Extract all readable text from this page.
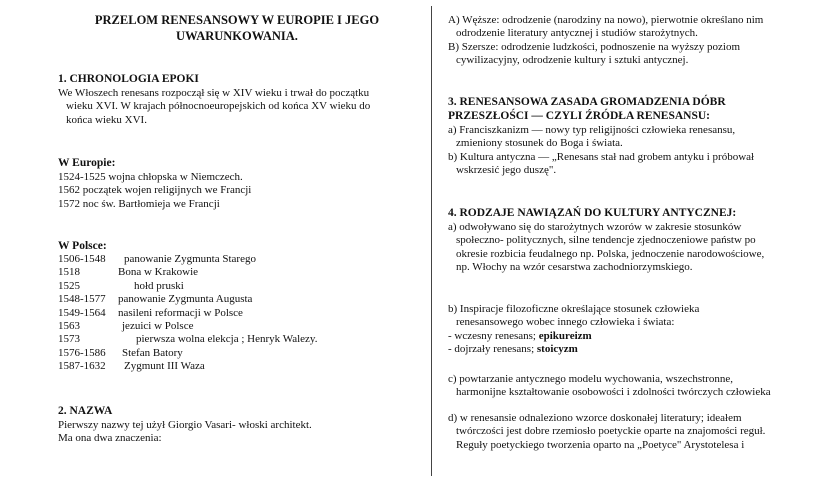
PRZELOM RENESANSOWY W EUROPIE I JEGO UWARUNKOWANIA.
1. CHRONOLOGIA EPOKI

We Włoszech renesans rozpoczął się w XIV wieku i trwał do początku

wieku XVI. W krajach północnoeuropejskich od końca XV wieku do

końca wieku XVI.

W Europie:

1524-1525 wojna chłopska w Niemczech.

1562 początek wojen religijnych we Francji

1572 noc św. Bartłomieja we Francji

W Polsce:
1506-1548	panowanie Zygmunta Starego
1518	Bona w Krakowie
1525	hołd pruski
1548-1577	panowanie Zygmunta Augusta
1549-1564	nasileni reformacji w Polsce
1563	jezuici w Polsce
1573	pierwsza wolna elekcja ; Henryk Walezy.
1576-1586	Stefan Batory
1587-1632	Zygmunt III Waza
2. NAZWA

Pierwszy nazwy tej użył Giorgio Vasari- włoski architekt.

Ma ona dwa znaczenia:

A) Węższe: odrodzenie (narodziny na nowo), pierwotnie określano nim

odrodzenie literatury antycznej i studiów starożytnych.

B) Szersze: odrodzenie ludzkości, podnoszenie na wyższy poziom

cywilizacyjny, odrodzenie kultury i sztuki antycznej.

3. RENESANSOWA ZASADA GROMADZENIA DÓBR
PRZESZŁOŚCI — CZYLI ŹRÓDŁA RENESANSU:

a) Franciszkanizm — nowy typ religijności człowieka renesansu,

zmieniony stosunek do Boga i świata.

b) Kultura antyczna — „Renesans stał nad grobem antyku i próbował

wskrzesić jego duszę".

4. RODZAJE NAWIĄZAŃ DO KULTURY ANTYCZNEJ:

a) odwoływano się do starożytnych wzorów w zakresie stosunków

społeczno- politycznych, silne tendencje zjednoczeniowe państw po

okresie rozbicia feudalnego np. Polska, jednoczenie narodowościowe,

np. Włochy na wzór cesarstwa zachodniorzymskiego.

b) Inspiracje filozoficzne określające stosunek człowieka

renesansowego wobec innego człowieka i świata:

- wczesny renesans; epikureizm

- dojrzały renesans; stoicyzm

c) powtarzanie antycznego modelu wychowania, wszechstronne,

harmonijne kształtowanie osobowości i zdolności twórczych człowieka

d) w renesansie odnaleziono wzorce doskonałej literatury; ideałem

twórczości jest dobre rzemiosło poetyckie oparte na znajomości reguł.

Reguły poetyckiego tworzenia oparto na „Poetyce" Arystotelesa i
